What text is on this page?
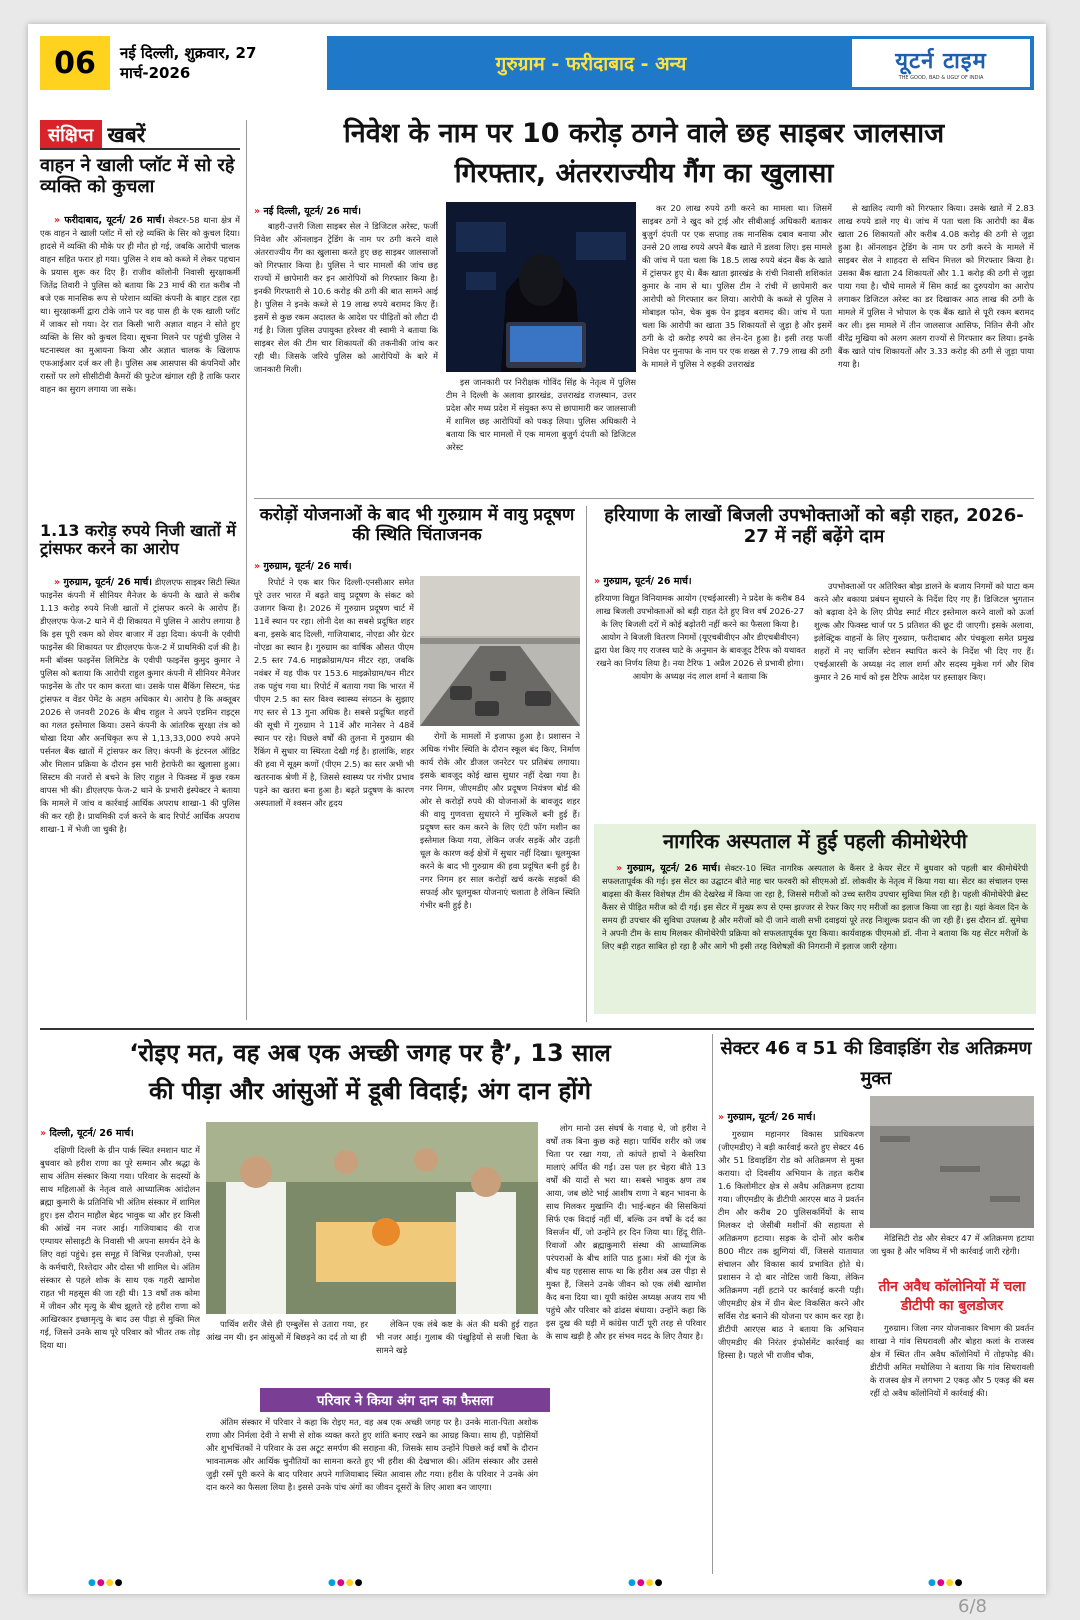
06	नई दिल्ली, शुक्रवार, 27 मार्च-2026	गुरुग्राम - फरीदाबाद - अन्य	यूटर्न टाइम
THE GOOD, BAD & UGLY OF INDIA
संक्षिप्त खबरें
वाहन ने खाली प्लॉट में सो रहे व्यक्ति को कुचला

» फरीदाबाद, यूटर्न/ 26 मार्च। सेक्टर-58 थाना क्षेत्र में एक वाहन ने खाली प्लॉट में सो रहे व्यक्ति के सिर को कुचल दिया। हादसे में व्यक्ति की मौके पर ही मौत हो गई, जबकि आरोपी चालक वाहन सहित फरार हो गया। पुलिस ने शव को कब्जे में लेकर पहचान के प्रयास शुरू कर दिए हैं। राजीव कॉलोनी निवासी सुरक्षाकर्मी जितेंद्र तिवारी ने पुलिस को बताया कि 23 मार्च की रात करीब नौ बजे एक मानसिक रूप से परेशान व्यक्ति कंपनी के बाहर टहल रहा था। सुरक्षाकर्मी द्वारा टोके जाने पर वह पास ही के एक खाली प्लॉट में जाकर सो गया। देर रात किसी भारी अज्ञात वाहन ने सोते हुए व्यक्ति के सिर को कुचल दिया। सूचना मिलने पर पहुंची पुलिस ने घटनास्थल का मुआयना किया और अज्ञात चालक के खिलाफ एफआईआर दर्ज कर ली है। पुलिस अब आसपास की कंपनियों और रास्तों पर लगे सीसीटीवी कैमरों की फुटेज खंगाल रही है ताकि फरार वाहन का सुराग लगाया जा सके।

1.13 करोड़ रुपये निजी खातों में ट्रांसफर करने का आरोप

» गुरुग्राम, यूटर्न/ 26 मार्च। डीएलएफ साइबर सिटी स्थित फाइनेंस कंपनी में सीनियर मैनेजर के कंपनी के खाते से करीब 1.13 करोड़ रुपये निजी खातों में ट्रांसफर करने के आरोप हैं। डीएलएफ फेज-2 थाने में दी शिकायत में पुलिस ने आरोप लगाया है कि इस पूरी रकम को शेयर बाजार में उड़ा दिया। कंपनी के एवीपी फाइनेंस की शिकायत पर डीएलएफ फेज-2 में प्राथमिकी दर्ज की है। मनी बॉक्स फाइनेंस लिमिटेड के एवीपी फाइनेंस कुमुद कुमार ने पुलिस को बताया कि आरोपी राहुल कुमार कंपनी में सीनियर मैनेजर फाइनेंस के तौर पर काम करता था। उसके पास बैंकिंग सिस्टम, फंड ट्रांसफर व वेंडर पेमेंट के अहम अधिकार थे। आरोप है कि अक्तूबर 2026 से जनवरी 2026 के बीच राहुल ने अपने एडमिन राइट्स का गलत इस्तेमाल किया। उसने कंपनी के आंतरिक सुरक्षा तंत्र को धोखा दिया और अनधिकृत रूप से 1,13,33,000 रुपये अपने पर्सनल बैंक खातों में ट्रांसफर कर लिए। कंपनी के इंटरनल ऑडिट और मिलान प्रक्रिया के दौरान इस भारी हेराफेरी का खुलासा हुआ। सिस्टम की नजरों से बचने के लिए राहुल ने फिक्स्ड में कुछ रकम वापस भी की। डीएलएफ फेज-2 थाने के प्रभारी इंस्पेक्टर ने बताया कि मामले में जांच व कार्रवाई आर्थिक अपराध शाखा-1 की पुलिस की कर रही है। प्राथमिकी दर्ज करने के बाद रिपोर्ट आर्थिक अपराध शाखा-1 में भेजी जा चुकी है।

निवेश के नाम पर 10 करोड़ ठगने वाले छह साइबर जालसाज
गिरफ्तार, अंतरराज्यीय गैंग का खुलासा
» नई दिल्ली, यूटर्न/ 26 मार्च।

बाहरी-उत्तरी जिला साइबर सेल ने डिजिटल अरेस्ट, फर्जी निवेश और ऑनलाइन ट्रेडिंग के नाम पर ठगी करने वाले अंतरराज्यीय गैंग का खुलासा करते हुए छह साइबर जालसाजों को गिरफ्तार किया है। पुलिस ने चार मामलों की जांच छह राज्यों में छापेमारी कर इन आरोपियों को गिरफ्तार किया है। इनकी गिरफ्तारी से 10.6 करोड़ की ठगी की बात सामने आई है। पुलिस ने इनके कब्जे से 19 लाख रुपये बरामद किए हैं। इसमें से कुछ रकम अदालत के आदेश पर पीड़ितों को लौटा दी गई है। जिला पुलिस उपायुक्त हरेश्वर वी स्वामी ने बताया कि साइबर सेल की टीम चार शिकायतों की तकनीकी जांच कर रही थी। जिसके जरिये पुलिस को आरोपियों के बारे में जानकारी मिली।

इस जानकारी पर निरीक्षक गोविंद सिंह के नेतृत्व में पुलिस टीम ने दिल्ली के अलावा झारखंड, उत्तराखंड राजस्थान, उत्तर प्रदेश और मध्य प्रदेश में संयुक्त रूप से छापामारी कर जालसाजी में शामिल छह आरोपियों को पकड़ लिया। पुलिस अधिकारी ने बताया कि चार मामलों में एक मामला बुजुर्ग दंपती को डिजिटल अरेस्ट

कर 20 लाख रुपये ठगी करने का मामला था। जिसमें साइबर ठगों ने खुद को ट्राई और सीबीआई अधिकारी बताकर बुजुर्ग दंपती पर एक सप्ताह तक मानसिक दबाव बनाया और उनसे 20 लाख रुपये अपने बैंक खाते में डलवा लिए। इस मामले की जांच में पता चला कि 18.5 लाख रुपये बंदन बैंक के खाते में ट्रांसफर हुए थे। बैंक खाता झारखंड के रांची निवासी शशिकांत कुमार के नाम से था। पुलिस टीम ने रांची में छापेमारी कर आरोपी को गिरफ्तार कर लिया। आरोपी के कब्जे से पुलिस ने मोबाइल फोन, चेक बुक पेन ड्राइव बरामद की। जांच में पता चला कि आरोपी का खाता 35 शिकायतों से जुड़ा है और इसमें ठगी के दो करोड़ रुपये का लेन-देन हुआ है। इसी तरह फर्जी निवेश पर मुनाफा के नाम पर एक शख्स से 7.79 लाख की ठगी के मामले में पुलिस ने रुड़की उत्तराखंड

से खालिद त्यागी को गिरफ्तार किया। उसके खाते में 2.83 लाख रुपये डाले गए थे। जांच में पता चला कि आरोपी का बैंक खाता 26 शिकायतों और करीब 4.08 करोड़ की ठगी से जुड़ा हुआ है। ऑनलाइन ट्रेडिंग के नाम पर ठगी करने के मामले में साइबर सेल ने शाहदरा से सचिन मित्तल को गिरफ्तार किया है। उसका बैंक खाता 24 शिकायतों और 1.1 करोड़ की ठगी से जुड़ा पाया गया है। चौथे मामले में सिम कार्ड का दुरुपयोग का आरोप लगाकर डिजिटल अरेस्ट का डर दिखाकर आठ लाख की ठगी के मामले में पुलिस ने भोपाल के एक बैंक खाते से पूरी रकम बरामद कर ली। इस मामले में तीन जालसाज आसिफ, नितिन सैनी और वीरेंद्र मुखिया को अलग अलग राज्यों से गिरफ्तार कर लिया। इनके बैंक खाते पांच शिकायतों और 3.33 करोड़ की ठगी से जुड़ा पाया गया है।

करोड़ों योजनाओं के बाद भी गुरुग्राम में वायु प्रदूषण की स्थिति चिंताजनक
» गुरुग्राम, यूटर्न/ 26 मार्च।

रिपोर्ट ने एक बार फिर दिल्ली-एनसीआर समेत पूरे उत्तर भारत में बढ़ते वायु प्रदूषण के संकट को उजागर किया है। 2026 में गुरुग्राम प्रदूषण चार्ट में 11वें स्थान पर रहा। लोनी देश का सबसे प्रदूषित शहर बना, इसके बाद दिल्ली, गाजियाबाद, नोएडा और ग्रेटर नोएडा का स्थान है। गुरुग्राम का वार्षिक औसत पीएम 2.5 स्तर 74.6 माइक्रोग्राम/घन मीटर रहा, जबकि नवंबर में यह पीक पर 153.6 माइक्रोग्राम/घन मीटर तक पहुंच गया था। रिपोर्ट में बताया गया कि भारत में पीएम 2.5 का स्तर विश्व स्वास्थ्य संगठन के सुझाए गए स्तर से 13 गुना अधिक है। सबसे प्रदूषित शहरों की सूची में गुरुग्राम ने 11वें और मानेसर ने 48वें स्थान पर रहे। पिछले वर्षों की तुलना में गुरुग्राम की रैंकिंग में सुधार या स्थिरता देखी गई है। हालांकि, शहर की हवा में सूक्ष्म कणों (पीएम 2.5) का स्तर अभी भी खतरनाक श्रेणी में है, जिससे स्वास्थ्य पर गंभीर प्रभाव पड़ने का खतरा बना हुआ है। बढ़ते प्रदूषण के कारण अस्पतालों में श्वसन और हृदय

रोगों के मामलों में इजाफा हुआ है। प्रशासन ने अधिक गंभीर स्थिति के दौरान स्कूल बंद किए, निर्माण कार्य रोके और डीजल जनरेटर पर प्रतिबंध लगाया। इसके बावजूद कोई खास सुधार नहीं देखा गया है। नगर निगम, जीएमडीए और प्रदूषण नियंत्रण बोर्ड की ओर से करोड़ों रुपये की योजनाओं के बावजूद शहर की वायु गुणवत्ता सुधारने में मुश्किलें बनी हुई हैं। प्रदूषण स्तर कम करने के लिए एंटी फॉग मशीन का इस्तेमाल किया गया, लेकिन जर्जर सड़कें और उड़ती धूल के कारण कई क्षेत्रों में सुधार नहीं दिखा। धूलमुक्त करने के बाद भी गुरुग्राम की हवा प्रदूषित बनी हुई है। नगर निगम हर साल करोड़ों खर्च करके सड़कों की सफाई और धूलमुक्त योजनाएं चलाता है लेकिन स्थिति गंभीर बनी हुई है।

हरियाणा के लाखों बिजली उपभोक्ताओं को बड़ी राहत, 2026-27 में नहीं बढ़ेंगे दाम
» गुरुग्राम, यूटर्न/ 26 मार्च।

हरियाणा विद्युत विनियामक आयोग (एचईआरसी) ने प्रदेश के करीब 84 लाख बिजली उपभोक्ताओं को बड़ी राहत देते हुए वित्त वर्ष 2026-27 के लिए बिजली दरों में कोई बढ़ोतरी नहीं करने का फैसला किया है। आयोग ने बिजली वितरण निगमों (यूएचबीवीएन और डीएचबीवीएन) द्वारा पेश किए गए राजस्व घाटे के अनुमान के बावजूद टैरिफ को यथावत रखने का निर्णय लिया है। नया टैरिफ 1 अप्रैल 2026 से प्रभावी होगा। आयोग के अध्यक्ष नंद लाल शर्मा ने बताया कि

उपभोक्ताओं पर अतिरिक्त बोझ डालने के बजाय निगमों को घाटा कम करने और बकाया प्रबंधन सुधारने के निर्देश दिए गए हैं। डिजिटल भुगतान को बढ़ावा देने के लिए प्रीपेड स्मार्ट मीटर इस्तेमाल करने वालों को ऊर्जा शुल्क और फिक्स्ड चार्ज पर 5 प्रतिशत की छूट दी जाएगी। इसके अलावा, इलेक्ट्रिक वाहनों के लिए गुरुग्राम, फरीदाबाद और पंचकूला समेत प्रमुख शहरों में नए चार्जिंग स्टेशन स्थापित करने के निर्देश भी दिए गए हैं। एचईआरसी के अध्यक्ष नंद लाल शर्मा और सदस्य मुकेश गर्ग और शिव कुमार ने 26 मार्च को इस टैरिफ आदेश पर हस्ताक्षर किए।

नागरिक अस्पताल में हुई पहली कीमोथेरेपी

» गुरुग्राम, यूटर्न/ 26 मार्च। सेक्टर-10 स्थित नागरिक अस्पताल के कैंसर डे केयर सेंटर में बुधवार को पहली बार कीमोथेरेपी सफलतापूर्वक की गई। इस सेंटर का उद्घाटन बीते माह चार फरवरी को सीएमओ डॉ. लोकवीर के नेतृत्व में किया गया था। सेंटर का संचालन एम्स बाढ़सा की कैंसर विशेषज्ञ टीम की देखरेख में किया जा रहा है, जिससे मरीजों को उच्च स्तरीय उपचार सुविधा मिल रही है। पहली कीमोथेरेपी ब्रेस्ट कैंसर से पीड़ित मरीज को दी गई। इस सेंटर में मुख्य रूप से एम्स झज्जर से रेफर किए गए मरीजों का इलाज किया जा रहा है। यहां केवल दिन के समय ही उपचार की सुविधा उपलब्ध है और मरीजों को दी जाने वाली सभी दवाइयां पूरे तरह निःशुल्क प्रदान की जा रही हैं। इस दौरान डॉ. सुमेधा ने अपनी टीम के साथ मिलकर कीमोथेरेपी प्रक्रिया को सफलतापूर्वक पूरा किया। कार्यवाहक पीएमओ डॉ. नीना ने बताया कि यह सेंटर मरीजों के लिए बड़ी राहत साबित हो रहा है और आगे भी इसी तरह विशेषज्ञों की निगरानी में इलाज जारी रहेगा।

‘रोइए मत, वह अब एक अच्छी जगह पर है’, 13 साल
की पीड़ा और आंसुओं में डूबी विदाई; अंग दान होंगे
» दिल्ली, यूटर्न/ 26 मार्च।

दक्षिणी दिल्ली के ग्रीन पार्क स्थित श्मशान घाट में बुधवार को हरीश राणा का पूरे सम्मान और श्रद्धा के साथ अंतिम संस्कार किया गया। परिवार के सदस्यों के साथ महिलाओं के नेतृत्व वाले आध्यात्मिक आंदोलन ब्रह्मा कुमारी के प्रतिनिधि भी अंतिम संस्कार में शामिल हुए। इस दौरान माहौल बेहद भावुक था और हर किसी की आंखें नम नजर आई। गाजियाबाद की राज एम्पायर सोसाइटी के निवासी भी अपना समर्थन देने के लिए वहां पहुंचे। इस समूह में विभिन्न एनजीओ, एम्स के कर्मचारी, रिश्तेदार और दोस्त भी शामिल थे। अंतिम संस्कार से पहले शोक के साथ एक गहरी खामोश राहत भी महसूस की जा रही थी। 13 वर्षों तक कोमा में जीवन और मृत्यु के बीच झूलते रहे हरीश राणा को आखिरकार इच्छामृत्यु के बाद उस पीड़ा से मुक्ति मिल गई, जिसने उनके साथ पूरे परिवार को भीतर तक तोड़ दिया था।

पार्थिव शरीर जैसे ही एम्बुलेंस से उतारा गया, हर आंख नम थी। इन आंसुओं में बिछड़ने का दर्द तो था ही

लेकिन एक लंबे कष्ट के अंत की थकी हुई राहत भी नजर आई। गुलाब की पंखुड़ियों से सजी चिता के सामने खड़े

लोग मानो उस संघर्ष के गवाह थे, जो हरीश ने वर्षों तक बिना कुछ कहे सहा। पार्थिव शरीर को जब चिता पर रखा गया, तो कांपते हाथों ने केसरिया मालाएं अर्पित की गईं। उस पल हर चेहरा बीते 13 वर्षों की यादों से भरा था। सबसे भावुक क्षण तब आया, जब छोटे भाई आशीष राणा ने बहन भावना के साथ मिलकर मुखाग्नि दी। भाई-बहन की सिसकियां सिर्फ एक विदाई नहीं थीं, बल्कि उन वर्षों के दर्द का विसर्जन थीं, जो उन्होंने हर दिन जिया था। हिंदू रीति-रिवाजों और ब्रह्माकुमारी संस्था की आध्यात्मिक परंपराओं के बीच शांति पाठ हुआ। मंत्रों की गूंज के बीच यह एहसास साफ था कि हरीश अब उस पीड़ा से मुक्त हैं, जिसने उनके जीवन को एक लंबी खामोश कैद बना दिया था। यूपी कांग्रेस अध्यक्ष अजय राय भी पहुंचे और परिवार को ढांढस बंधाया। उन्होंने कहा कि इस दुख की घड़ी में कांग्रेस पार्टी पूरी तरह से परिवार के साथ खड़ी है और हर संभव मदद के लिए तैयार है।

परिवार ने किया अंग दान का फैसला

अंतिम संस्कार में परिवार ने कहा कि रोइए मत, वह अब एक अच्छी जगह पर है। उनके माता-पिता अशोक राणा और निर्मला देवी ने सभी से शोक व्यक्त करते हुए शांति बनाए रखने का आग्रह किया। साथ ही, पड़ोसियों और शुभचिंतकों ने परिवार के उस अटूट समर्पण की सराहना की, जिसके साथ उन्होंने पिछले कई वर्षों के दौरान भावनात्मक और आर्थिक चुनौतियों का सामना करते हुए भी हरीश की देखभाल की। अंतिम संस्कार और उससे जुड़ी रस्में पूरी करने के बाद परिवार अपने गाजियाबाद स्थित आवास लौट गया। हरीश के परिवार ने उनके अंग दान करने का फैसला लिया है। इससे उनके पांच अंगों का जीवन दूसरों के लिए आशा बन जाएगा।

सेक्टर 46 व 51 की डिवाइडिंग रोड अतिक्रमण मुक्त
» गुरुग्राम, यूटर्न/ 26 मार्च।

गुरुग्राम महानगर विकास प्राधिकरण (जीएमडीए) ने बड़ी कार्रवाई करते हुए सेक्टर 46 और 51 डिवाइडिंग रोड को अतिक्रमण से मुक्त कराया। दो दिवसीय अभियान के तहत करीब 1.6 किलोमीटर क्षेत्र से अवैध अतिक्रमण हटाया गया। जीएमडीए के डीटीपी आरएस बाठ ने प्रवर्तन टीम और करीब 20 पुलिसकर्मियों के साथ मिलकर दो जेसीबी मशीनों की सहायता से अतिक्रमण हटाया। सड़क के दोनों ओर करीब 800 मीटर तक झुग्गियां थीं, जिससे यातायात संचालन और विकास कार्य प्रभावित होते थे। प्रशासन ने दो बार नोटिस जारी किया, लेकिन अतिक्रमण नहीं हटाने पर कार्रवाई करनी पड़ी। जीएमडीए क्षेत्र में ग्रीन बेल्ट विकसित करने और सर्विस रोड बनाने की योजना पर काम कर रहा है। डीटीपी आरएस बाठ ने बताया कि अभियान जीएमडीए की निरंतर इंफोर्समेंट कार्रवाई का हिस्सा है। पहले भी राजीव चौक,

मेडिसिटी रोड और सेक्टर 47 में अतिक्रमण हटाया जा चुका है और भविष्य में भी कार्रवाई जारी रहेगी।

तीन अवैध कॉलोनियों में चला डीटीपी का बुलडोजर

गुरुग्राम। जिला नगर योजनाकार विभाग की प्रवर्तन शाखा ने गांव सिधरावली और बोहरा कलां के राजस्व क्षेत्र में स्थित तीन अवैध कॉलोनियों में तोड़फोड़ की। डीटीपी अमित मधोलिया ने बताया कि गांव सिधरावली के राजस्व क्षेत्र में लगभग 2 एकड़ और 5 एकड़ की बस रहीं दो अवैध कॉलोनियों में कार्रवाई की।

●●●●	●●●●	●●●●	●●●●
6/8
